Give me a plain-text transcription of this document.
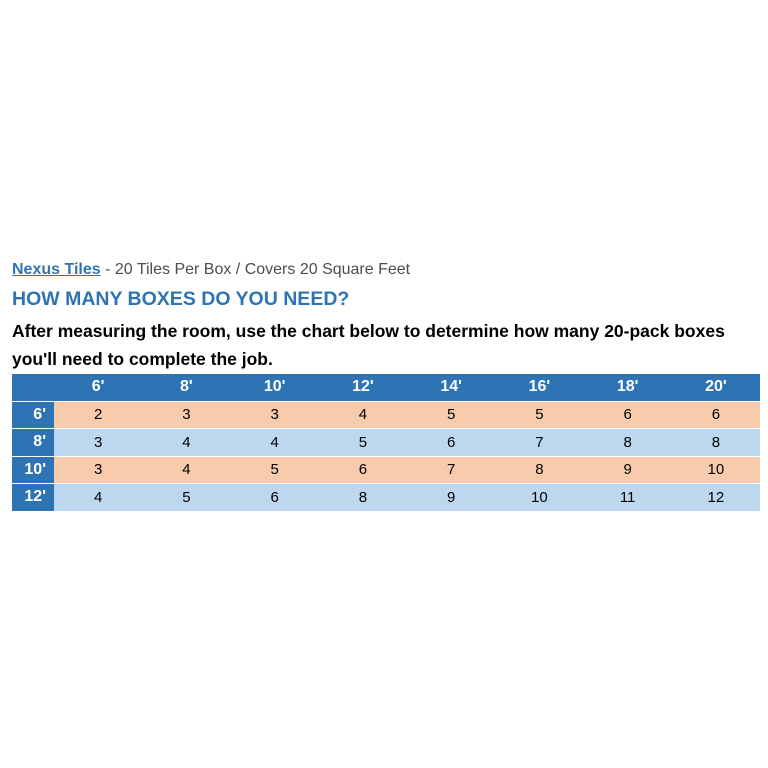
Nexus Tiles - 20 Tiles Per Box / Covers 20 Square Feet
HOW MANY BOXES DO YOU NEED?
After measuring the room, use the chart below to determine how many 20-pack boxes you'll need to complete the job.
	6'	8'	10'	12'	14'	16'	18'	20'
6'	2	3	3	4	5	5	6	6
8'	3	4	4	5	6	7	8	8
10'	3	4	5	6	7	8	9	10
12'	4	5	6	8	9	10	11	12
